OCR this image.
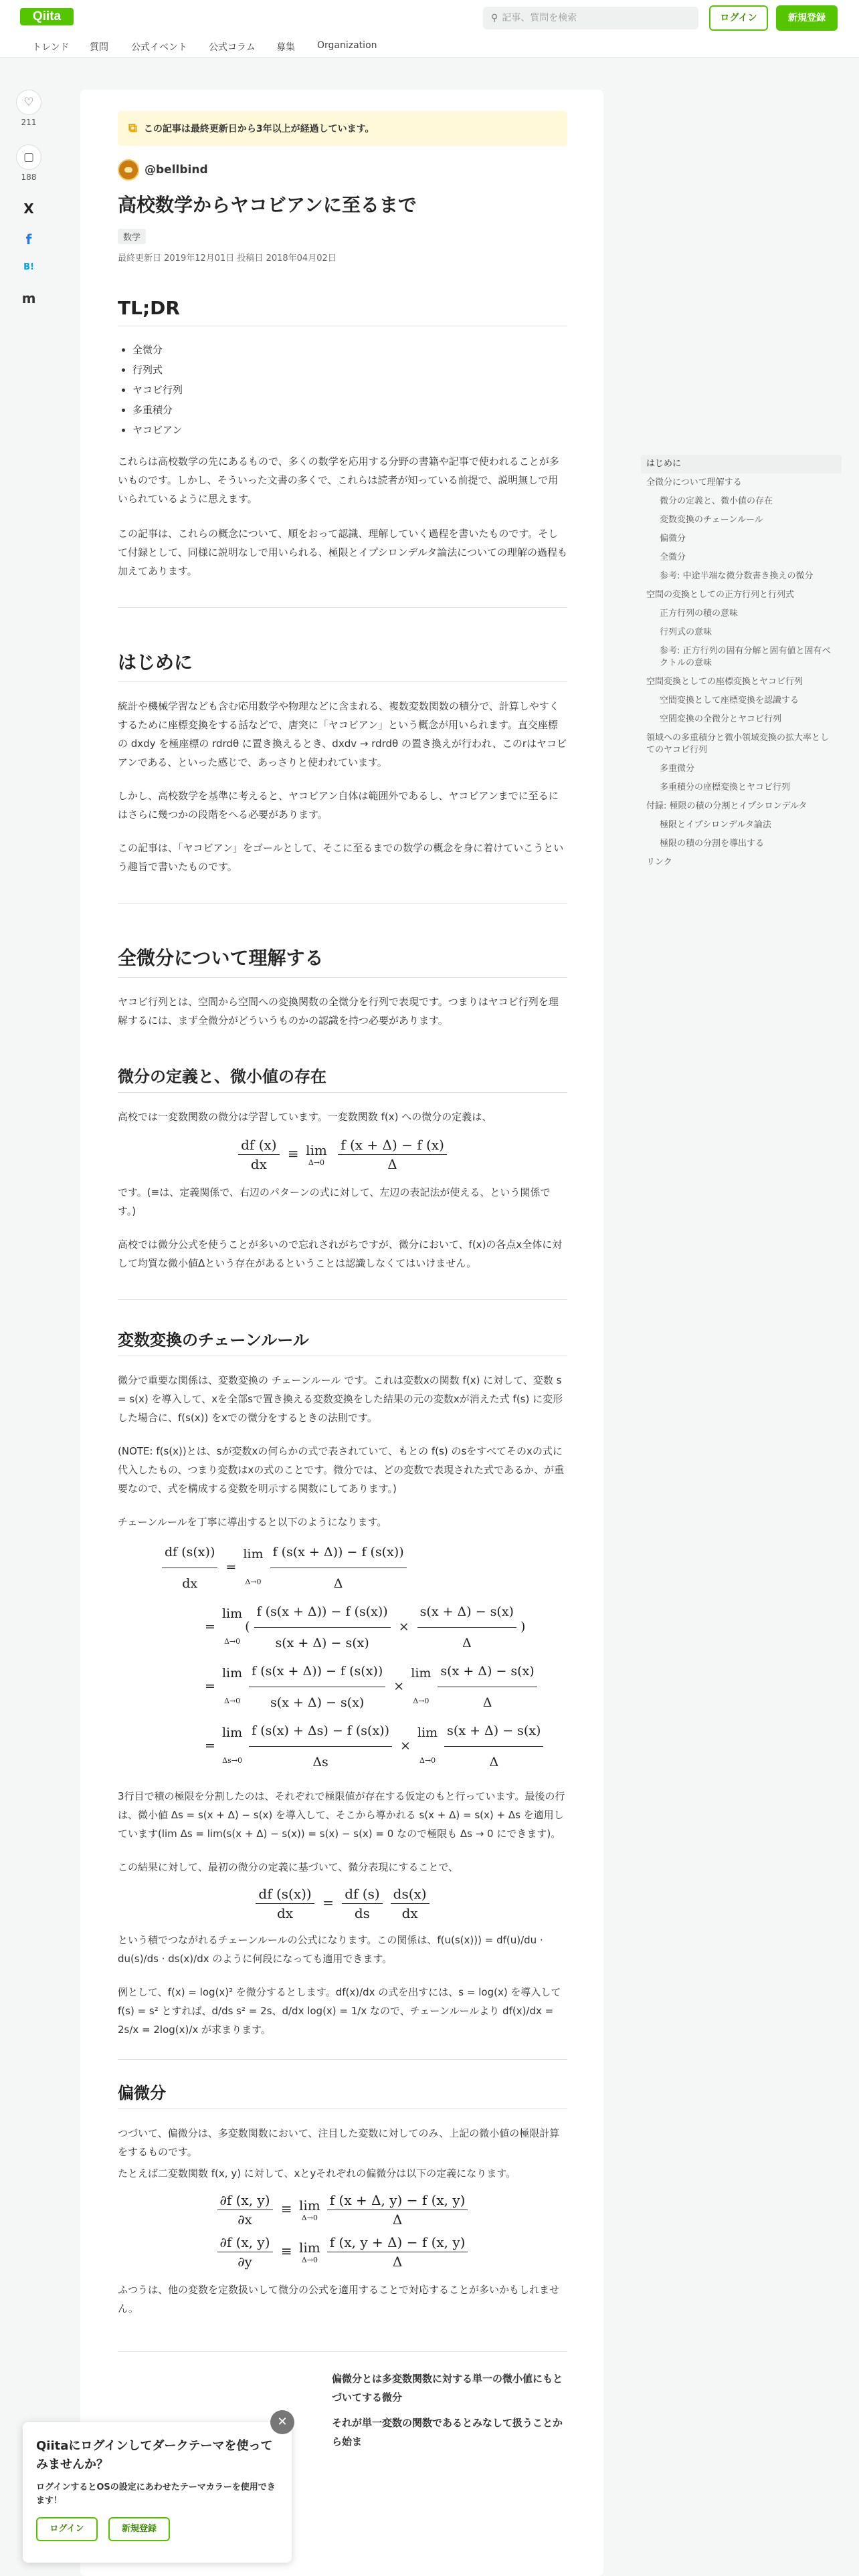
Qiita	⚲ 記事、質問を検索	ログイン	新規登録
トレンド 質問 公式イベント 公式コラム 募集 Organization
♡
211
▢
188
X
f
B!
m
⧉ この記事は最終更新日から3年以上が経過しています。
@bellbind
高校数学からヤコビアンに至るまで
数学
最終更新日 2019年12月01日 投稿日 2018年04月02日
TL;DR
• 全微分
• 行列式
• ヤコビ行列
• 多重積分
• ヤコビアン
これらは高校数学の先にあるもので、多くの数学を応用する分野の書籍や記事で使われることが多いものです。しかし、そういった文書の多くで、これらは読者が知っている前提で、説明無しで用いられているように思えます。
この記事は、これらの概念について、順をおって認識、理解していく過程を書いたものです。そして付録として、同様に説明なしで用いられる、極限とイプシロンデルタ論法についての理解の過程も加えてあります。
はじめに
統計や機械学習なども含む応用数学や物理などに含まれる、複数変数関数の積分で、計算しやすくするために座標変換をする話などで、唐突に「ヤコビアン」という概念が用いられます。直交座標の dxdy を極座標の rdrdθ に置き換えるとき、dxdv → rdrdθ の置き換えが行われ、このrはヤコビアンである、といった感じで、あっさりと使われています。
しかし、高校数学を基準に考えると、ヤコビアン自体は範囲外であるし、ヤコビアンまでに至るにはさらに幾つかの段階をへる必要があります。
この記事は、「ヤコビアン」をゴールとして、そこに至るまでの数学の概念を身に着けていこうという趣旨で書いたものです。
全微分について理解する
ヤコビ行列とは、空間から空間への変換関数の全微分を行列で表現です。つまりはヤコビ行列を理解するには、まず全微分がどういうものかの認識を持つ必要があります。
微分の定義と、微小値の存在
高校では一変数関数の微分は学習しています。一変数関数 f(x) への微分の定義は、
$\frac{df (x)}{dx} \equiv \lim$
Δ→0
$\frac{f (x + \Delta) - f (x)}{\Delta}$
です。(≡は、定義関係で、右辺のパターンの式に対して、左辺の表記法が使える、という関係です。)
高校では微分公式を使うことが多いので忘れされがちですが、微分において、f(x)の各点x全体に対して均質な微小値Δという存在があるということは認識しなくてはいけません。
変数変換のチェーンルール
微分で重要な関係は、変数変換の チェーンルール です。これは変数xの関数 f(x) に対して、変数 s = s(x) を導入して、xを全部sで置き換える変数変換をした結果の元の変数xが消えた式 f(s) に変形した場合に、f(s(x)) をxでの微分をするときの法則です。
(NOTE: f(s(x))とは、sが変数xの何らかの式で表されていて、もとの f(s) のsをすべてそのxの式に代入したもの、つまり変数はxの式のことです。微分では、どの変数で表現された式であるか、が重要なので、式を構成する変数を明示する関数にしてあります。)
チェーンルールを丁寧に導出すると以下のようになります。
$\frac{df (s(x))}{dx} = \lim$
$\Delta\to 0 \frac{f (s(x + \Delta)) - f (s(x))}{\Delta}$
= lim
Δ→0
( $\frac{f (s(x + \Delta)) - f (s(x))}{s(x + \Delta) - s(x)} \times \frac{s(x + \Delta) - s(x)}{\Delta}$ )
= lim
$\Delta\to 0 \frac{f (s(x + \Delta)) - f (s(x))}{s(x + \Delta) - s(x)} \times \lim$
$\Delta\to 0 \frac{s(x + \Delta) - s(x)}{\Delta}$
= lim
$\Delta s\to 0 \frac{f (s(x) + \Delta s) - f (s(x))}{\Delta s} \times \lim$
$\Delta\to 0 \frac{s(x + \Delta) - s(x)}{\Delta}$
3行目で積の極限を分割したのは、それぞれで極限値が存在する仮定のもと行っています。最後の行は、微小値 Δs = s(x + Δ) − s(x) を導入して、そこから導かれる s(x + Δ) = s(x) + Δs を適用しています(lim Δs = lim(s(x + Δ) − s(x)) = s(x) − s(x) = 0 なので極限も Δs → 0 にできます)。
この結果に対して、最初の微分の定義に基づいて、微分表現にすることで、
$\frac{df (s(x))}{dx} = \frac{df (s)}{ds} \frac{ds(x)}{dx}$
という積でつながれるチェーンルールの公式になります。この関係は、f(u(s(x))) = df(u)/du · du(s)/ds · ds(x)/dx のように何段になっても適用できます。
例として、f(x) = log(x)² を微分するとします。df(x)/dx の式を出すには、s = log(x) を導入して f(s) = s² とすれば、d/ds s² = 2s、d/dx log(x) = 1/x なので、チェーンルールより df(x)/dx = 2s/x = 2log(x)/x が求まります。
偏微分
つづいて、偏微分は、多変数関数において、注目した変数に対してのみ、上記の微小値の極限計算をするものです。
たとえば二変数関数 f(x, y) に対して、xとyそれぞれの偏微分は以下の定義になります。
$\frac{\partial f (x, y)}{\partial x} \equiv \lim$
$\Delta\to 0 \frac{f (x + \Delta, y) - f (x, y)}{\Delta}$
$\frac{\partial f (x, y)}{\partial y} \equiv \lim$
$\Delta\to 0 \frac{f (x, y + \Delta) - f (x, y)}{\Delta}$
ふつうは、他の変数を定数扱いして微分の公式を適用することで対応することが多いかもしれません。
偏微分とは多変数関数に対する単一の微小値にもとづいてする微分
それが単一変数の関数であるとみなして扱うことから始ま
はじめに
全微分について理解する
微分の定義と、微小値の存在
変数変換のチェーンルール
偏微分
全微分
参考: 中途半端な微分数書き換えの微分
空間の変換としての正方行列と行列式
正方行列の積の意味
行列式の意味
参考: 正方行列の固有分解と固有値と固有ベクトルの意味
空間変換としての座標変換とヤコビ行列
空間変換として座標変換を認識する
空間変換の全微分とヤコビ行列
領域への多重積分と微小領域変換の拡大率としてのヤコビ行列
多重微分
多重積分の座標変換とヤコビ行列
付録: 極限の積の分割とイプシロンデルタ
極限とイプシロンデルタ論法
極限の積の分割を導出する
リンク
Qiitaにログインしてダークテーマを使ってみませんか？
ログインするとOSの設定にあわせたテーマカラーを使用できます！
ログイン	新規登録
✕
